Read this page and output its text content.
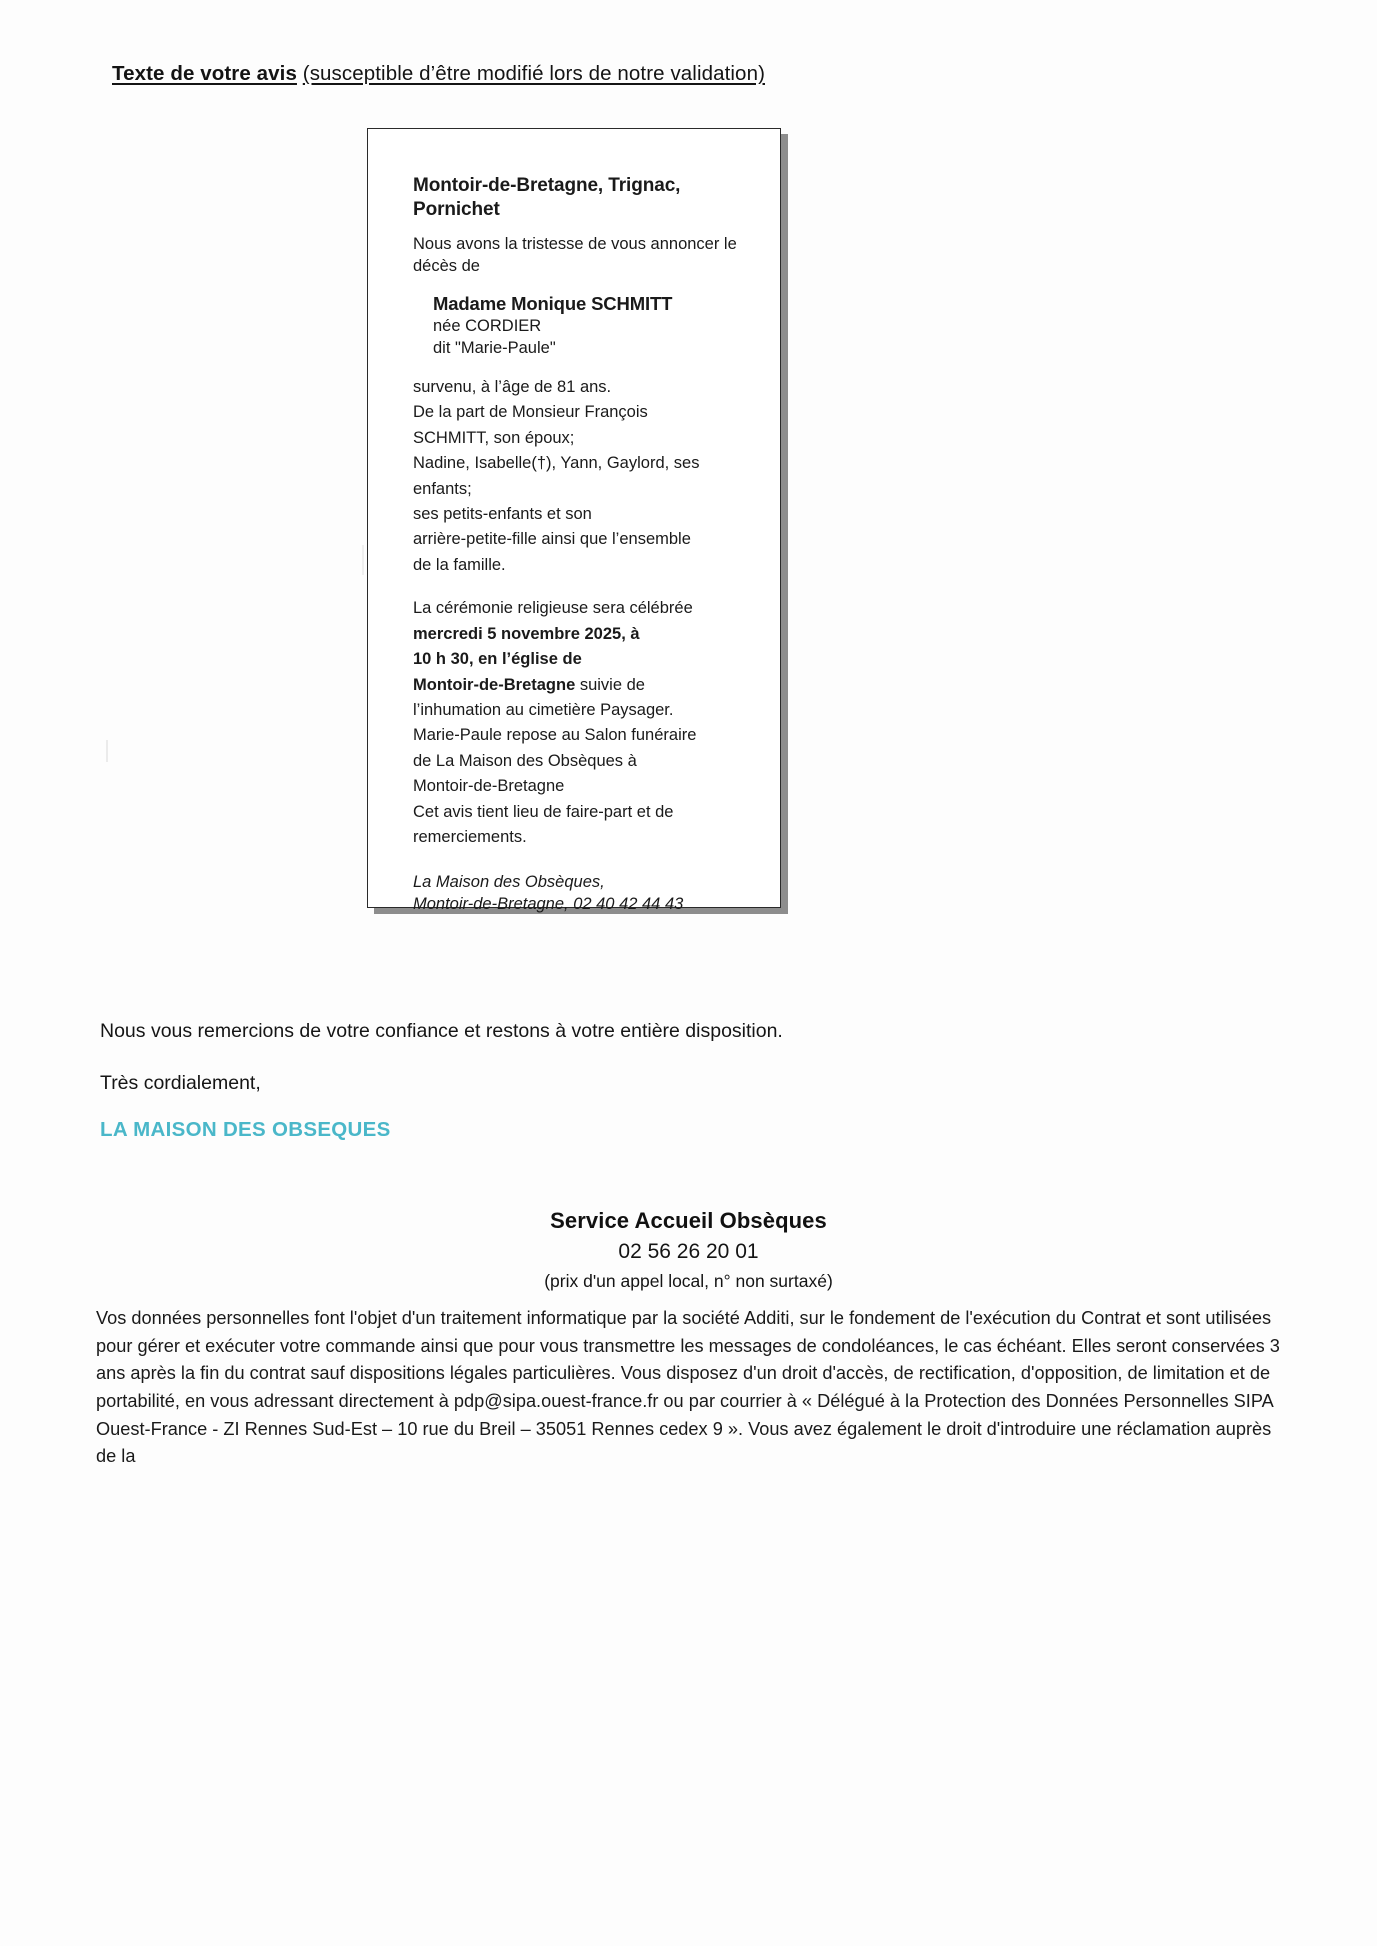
Texte de votre avis (susceptible d’être modifié lors de notre validation)
Montoir-de-Bretagne, Trignac, Pornichet
Nous avons la tristesse de vous annoncer le décès de
Madame Monique SCHMITT
née CORDIER
dit "Marie-Paule"
survenu, à l’âge de 81 ans.
De la part de Monsieur François
SCHMITT, son époux;
Nadine, Isabelle(†), Yann, Gaylord, ses
enfants;
ses petits-enfants et son
arrière-petite-fille ainsi que l’ensemble
de la famille.
La cérémonie religieuse sera célébrée
mercredi 5 novembre 2025, à
10 h 30, en l’église de
Montoir-de-Bretagne suivie de
l’inhumation au cimetière Paysager.
Marie-Paule repose au Salon funéraire
de La Maison des Obsèques à
Montoir-de-Bretagne
Cet avis tient lieu de faire-part et de
remerciements.
La Maison des Obsèques,
Montoir-de-Bretagne, 02 40 42 44 43
Nous vous remercions de votre confiance et restons à votre entière disposition.
Très cordialement,
LA MAISON DES OBSEQUES
Service Accueil Obsèques
02 56 26 20 01
(prix d'un appel local, n° non surtaxé)
Vos données personnelles font l'objet d'un traitement informatique par la société Additi, sur le fondement de l'exécution du Contrat et sont utilisées pour gérer et exécuter votre commande ainsi que pour vous transmettre les messages de condoléances, le cas échéant. Elles seront conservées 3 ans après la fin du contrat sauf dispositions légales particulières. Vous disposez d'un droit d'accès, de rectification, d'opposition, de limitation et de portabilité, en vous adressant directement à pdp@sipa.ouest-france.fr ou par courrier à « Délégué à la Protection des Données Personnelles SIPA Ouest-France - ZI Rennes Sud-Est – 10 rue du Breil – 35051 Rennes cedex 9 ». Vous avez également le droit d'introduire une réclamation auprès de la
